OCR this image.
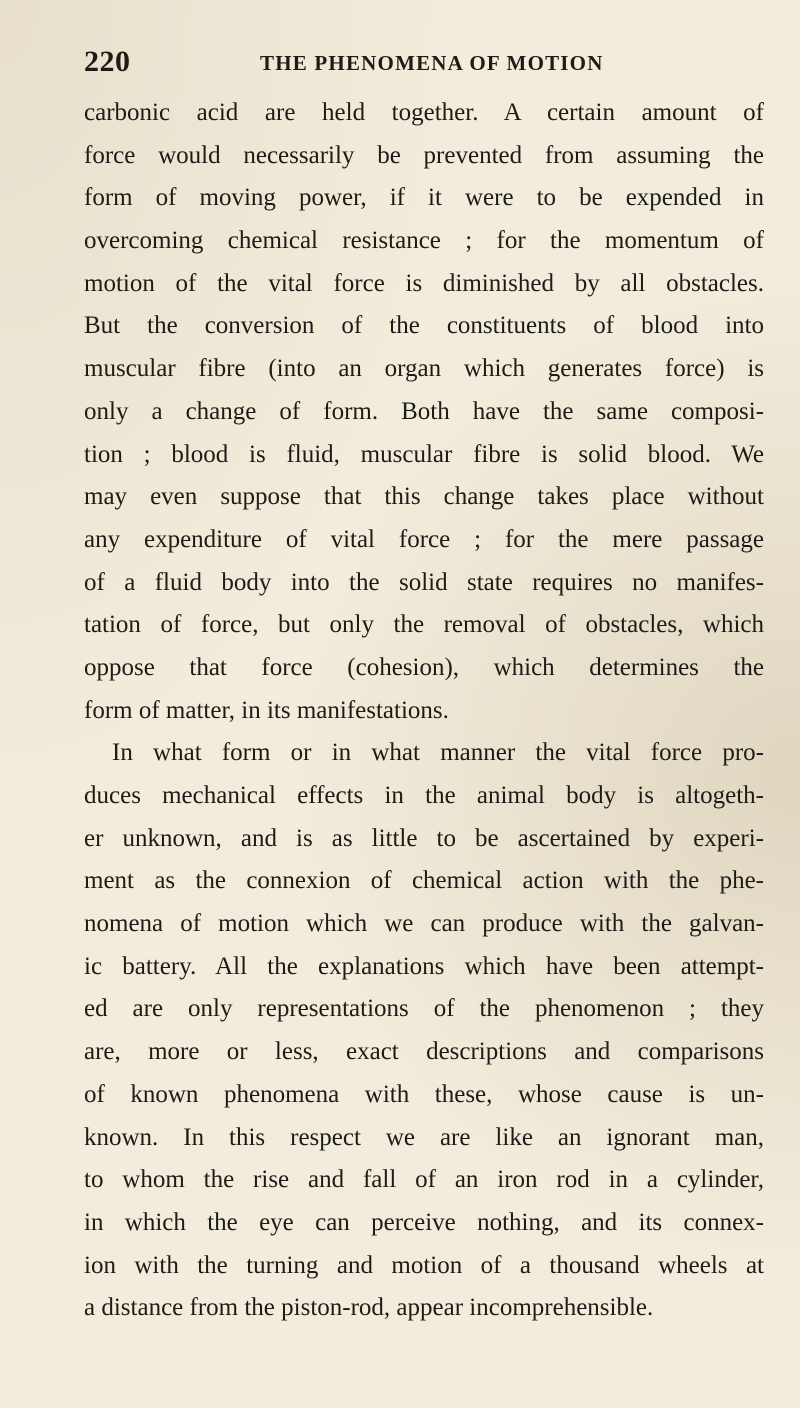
220	THE PHENOMENA OF MOTION
carbonic acid are held together. A certain amount of
force would necessarily be prevented from assuming the
form of moving power, if it were to be expended in
overcoming chemical resistance ; for the momentum of
motion of the vital force is diminished by all obstacles.
But the conversion of the constituents of blood into
muscular fibre (into an organ which generates force) is
only a change of form. Both have the same composi-
tion ; blood is fluid, muscular fibre is solid blood. We
may even suppose that this change takes place without
any expenditure of vital force ; for the mere passage
of a fluid body into the solid state requires no manifes-
tation of force, but only the removal of obstacles, which
oppose that force (cohesion), which determines the
form of matter, in its manifestations.
In what form or in what manner the vital force pro-
duces mechanical effects in the animal body is altogeth-
er unknown, and is as little to be ascertained by experi-
ment as the connexion of chemical action with the phe-
nomena of motion which we can produce with the galvan-
ic battery. All the explanations which have been attempt-
ed are only representations of the phenomenon ; they
are, more or less, exact descriptions and comparisons
of known phenomena with these, whose cause is un-
known. In this respect we are like an ignorant man,
to whom the rise and fall of an iron rod in a cylinder,
in which the eye can perceive nothing, and its connex-
ion with the turning and motion of a thousand wheels at
a distance from the piston-rod, appear incomprehensible.
